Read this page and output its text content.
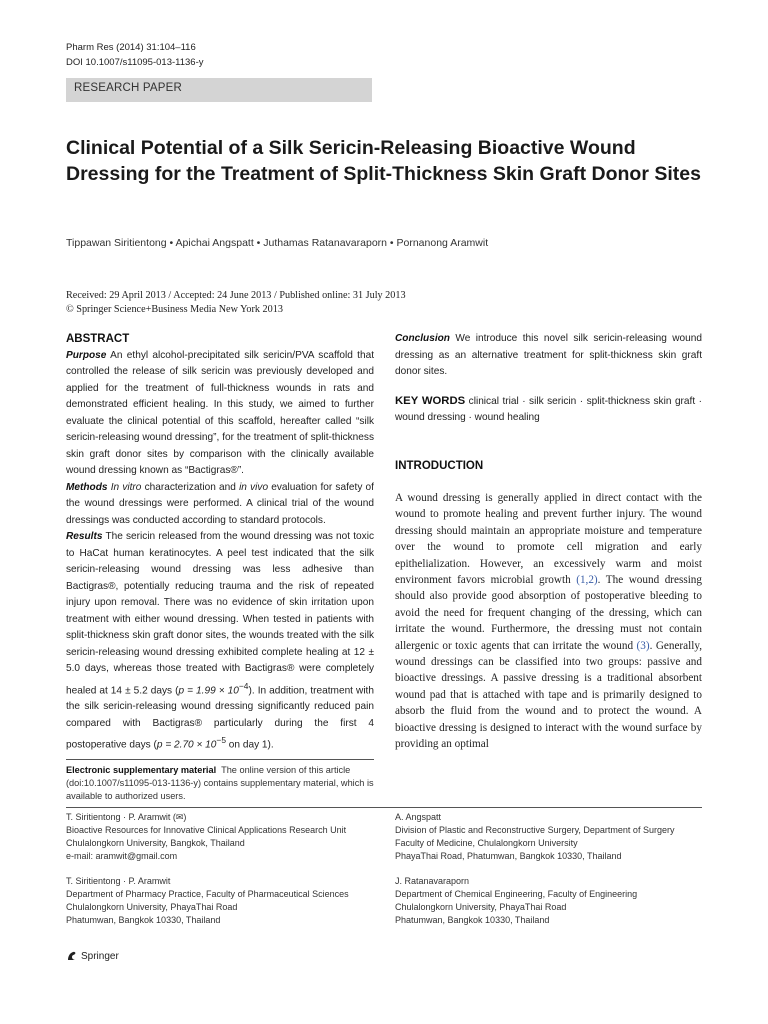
Pharm Res (2014) 31:104–116
DOI 10.1007/s11095-013-1136-y
RESEARCH PAPER
Clinical Potential of a Silk Sericin-Releasing Bioactive Wound Dressing for the Treatment of Split-Thickness Skin Graft Donor Sites
Tippawan Siritientong • Apichai Angspatt • Juthamas Ratanavaraporn • Pornanong Aramwit
Received: 29 April 2013 / Accepted: 24 June 2013 / Published online: 31 July 2013
© Springer Science+Business Media New York 2013
ABSTRACT

Purpose An ethyl alcohol-precipitated silk sericin/PVA scaffold that controlled the release of silk sericin was previously developed and applied for the treatment of full-thickness wounds in rats and demonstrated efficient healing. In this study, we aimed to further evaluate the clinical potential of this scaffold, hereafter called “silk sericin-releasing wound dressing”, for the treatment of split-thickness skin graft donor sites by comparison with the clinically available wound dressing known as “Bactigras®”.

Methods In vitro characterization and in vivo evaluation for safety of the wound dressings were performed. A clinical trial of the wound dressings was conducted according to standard protocols.

Results The sericin released from the wound dressing was not toxic to HaCat human keratinocytes. A peel test indicated that the silk sericin-releasing wound dressing was less adhesive than Bactigras®, potentially reducing trauma and the risk of repeated injury upon removal. There was no evidence of skin irritation upon treatment with either wound dressing. When tested in patients with split-thickness skin graft donor sites, the wounds treated with the silk sericin-releasing wound dressing exhibited complete healing at 12 ± 5.0 days, whereas those treated with Bactigras® were completely healed at 14 ± 5.2 days $(p = 1.99 \times 10^{-4})$. In addition, treatment with the silk sericin-releasing wound dressing significantly reduced pain compared with Bactigras® particularly during the first 4 postoperative days ($p = 2.70 \times 10^{-5}$ on day 1).

Conclusion We introduce this novel silk sericin-releasing wound dressing as an alternative treatment for split-thickness skin graft donor sites.

KEY WORDS clinical trial · silk sericin · split-thickness skin graft · wound dressing · wound healing

INTRODUCTION
A wound dressing is generally applied in direct contact with the wound to promote healing and prevent further injury. The wound dressing should maintain an appropriate moisture and temperature over the wound to promote cell migration and early epithelialization. However, an excessively warm and moist environment favors microbial growth (1,2). The wound dressing should also provide good absorption of postoperative bleeding to avoid the need for frequent changing of the dressing, which can irritate the wound. Furthermore, the dressing must not contain allergenic or toxic agents that can irritate the wound (3). Generally, wound dressings can be classified into two groups: passive and bioactive dressings. A passive dressing is a traditional absorbent wound pad that is attached with tape and is primarily designed to absorb the fluid from the wound and to protect the wound. A bioactive dressing is designed to interact with the wound surface by providing an optimal
Electronic supplementary material The online version of this article (doi:10.1007/s11095-013-1136-y) contains supplementary material, which is available to authorized users.
T. Siritientong · P. Aramwit (✉)
Bioactive Resources for Innovative Clinical Applications Research Unit
Chulalongkorn University, Bangkok, Thailand
e-mail: aramwit@gmail.com
A. Angspatt
Division of Plastic and Reconstructive Surgery, Department of Surgery
Faculty of Medicine, Chulalongkorn University
PhayaThai Road, Phatumwan, Bangkok 10330, Thailand
T. Siritientong · P. Aramwit
Department of Pharmacy Practice, Faculty of Pharmaceutical Sciences
Chulalongkorn University, PhayaThai Road
Phatumwan, Bangkok 10330, Thailand
J. Ratanavaraporn
Department of Chemical Engineering, Faculty of Engineering
Chulalongkorn University, PhayaThai Road
Phatumwan, Bangkok 10330, Thailand
Springer
